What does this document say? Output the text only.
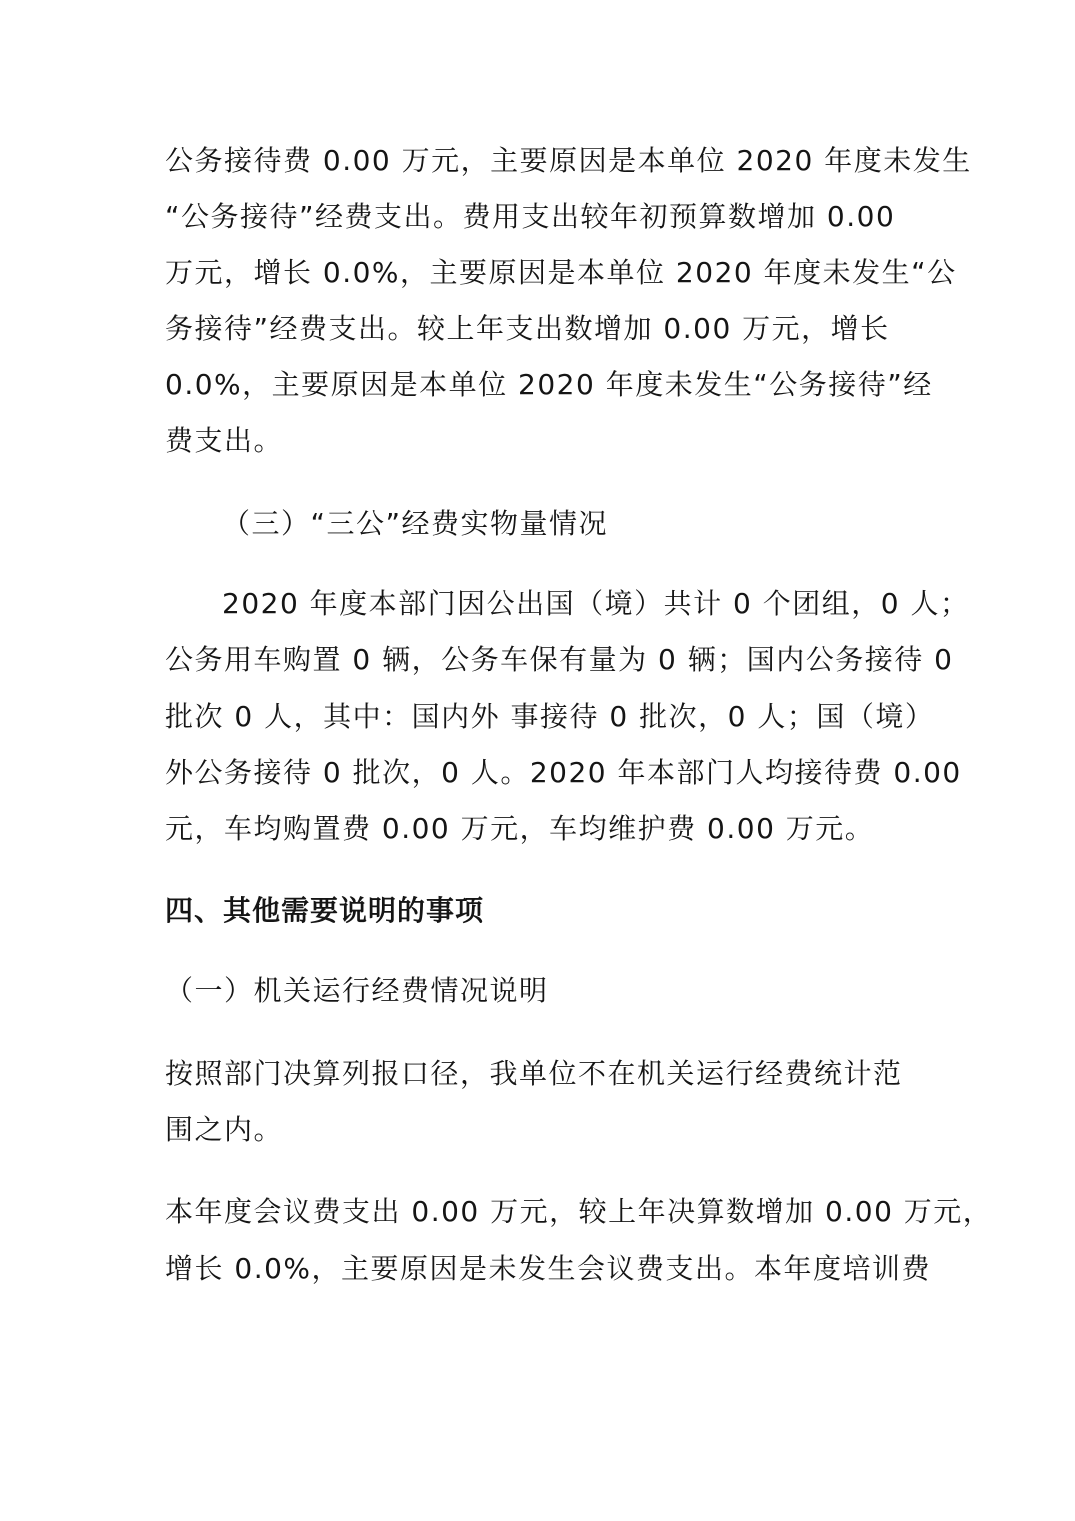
公务接待费 0.00 万元，主要原因是本单位 2020 年度未发生
“公务接待”经费支出。费用支出较年初预算数增加 0.00
万元，增长 0.0%，主要原因是本单位 2020 年度未发生“公
务接待”经费支出。较上年支出数增加 0.00 万元，增长
0.0%，主要原因是本单位 2020 年度未发生“公务接待”经
费支出。
（三）“三公”经费实物量情况
2020 年度本部门因公出国（境）共计 0 个团组，0 人；
公务用车购置 0 辆，公务车保有量为 0 辆；国内公务接待 0
批次 0 人，其中：国内外 事接待 0 批次，0 人；国（境）
外公务接待 0 批次，0 人。2020 年本部门人均接待费 0.00
元，车均购置费 0.00 万元，车均维护费 0.00 万元。
四、其他需要说明的事项
（一）机关运行经费情况说明
按照部门决算列报口径，我单位不在机关运行经费统计范
围之内。
本年度会议费支出 0.00 万元，较上年决算数增加 0.00 万元，
增长 0.0%，主要原因是未发生会议费支出。本年度培训费
